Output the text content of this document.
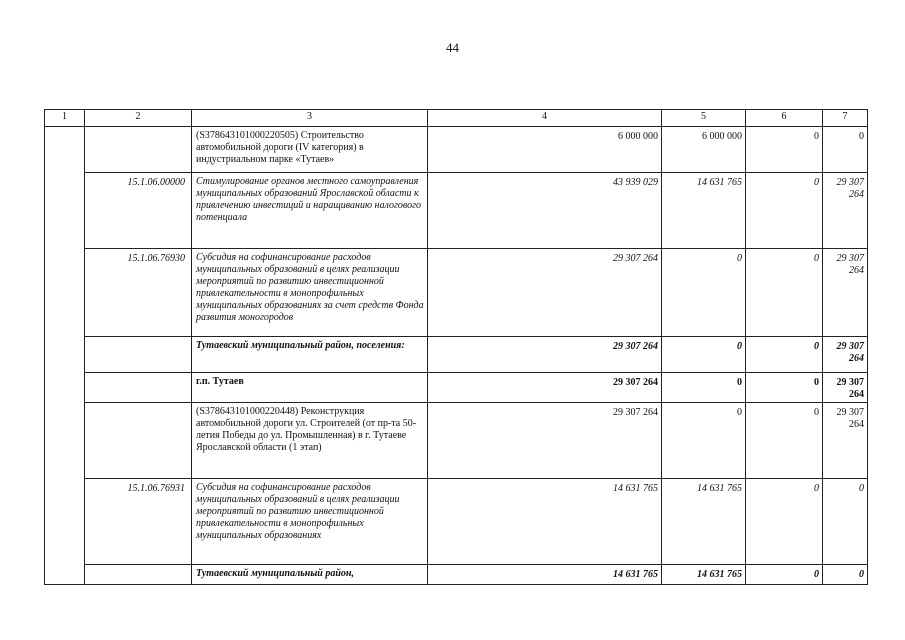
44
1	2	3	4	5	6	7
		(S378643101000220505) Строительство автомобильной дороги (IV категория) в индустриальном парке «Тутаев»	6 000 000	6 000 000	0	0
	15.1.06.00000	Стимулирование органов местного самоуправления муниципальных образований Ярославской области к привлечению инвестиций и наращиванию налогового потенциала	43 939 029	14 631 765	0	29 307 264
	15.1.06.76930	Субсидия на софинансирование расходов муниципальных образований в целях реализации мероприятий по развитию инвестиционной привлекательности в монопрофильных муниципальных образованиях за счет средств Фонда развития моногородов	29 307 264	0	0	29 307 264
		Тутаевский муниципальный район, поселения:	29 307 264	0	0	29 307 264
		г.п. Тутаев	29 307 264	0	0	29 307 264
		(S378643101000220448) Реконструкция автомобильной дороги ул. Строителей (от пр-та 50-летия Победы до ул. Промышленная) в г. Тутаеве Ярославской области (1 этап)	29 307 264	0	0	29 307 264
	15.1.06.76931	Субсидия на софинансирование расходов муниципальных образований в целях реализации мероприятий по развитию инвестиционной привлекательности в монопрофильных муниципальных образованиях	14 631 765	14 631 765	0	0
		Тутаевский муниципальный район,	14 631 765	14 631 765	0	0
